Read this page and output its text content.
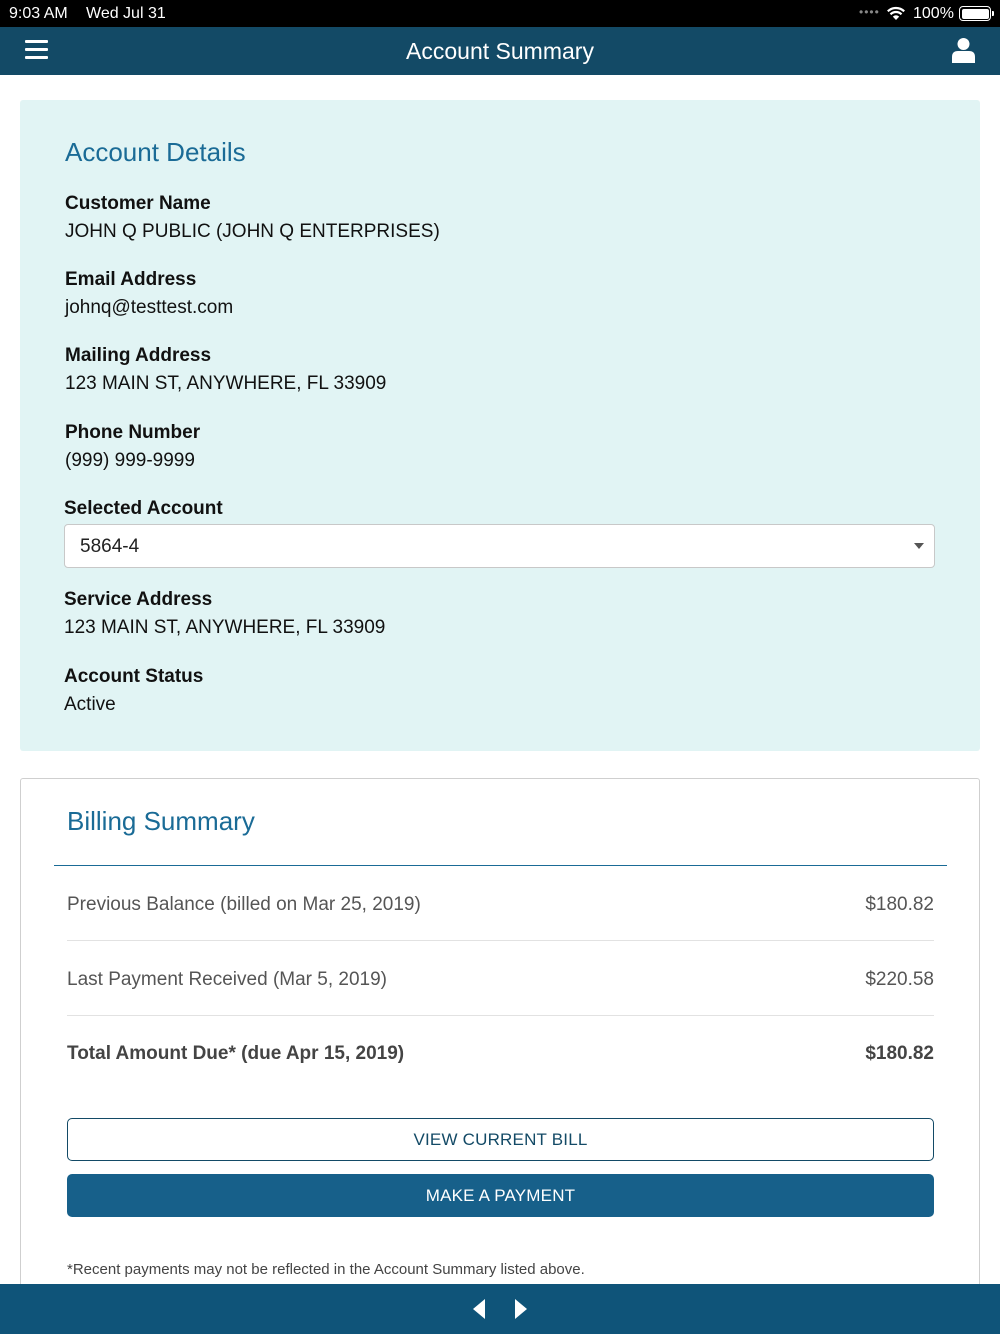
9:03 AM Wed Jul 31	•••• 100%
Account Summary
Account Details
Customer Name
JOHN Q PUBLIC (JOHN Q ENTERPRISES)
Email Address
johnq@testtest.com
Mailing Address
123 MAIN ST, ANYWHERE, FL 33909
Phone Number
(999) 999-9999
Selected Account
5864-4
Service Address
123 MAIN ST, ANYWHERE, FL 33909
Account Status
Active
Billing Summary
Previous Balance (billed on Mar 25, 2019)	$180.82
Last Payment Received (Mar 5, 2019)	$220.58
Total Amount Due* (due Apr 15, 2019)	$180.82
VIEW CURRENT BILL
MAKE A PAYMENT
*Recent payments may not be reflected in the Account Summary listed above.
